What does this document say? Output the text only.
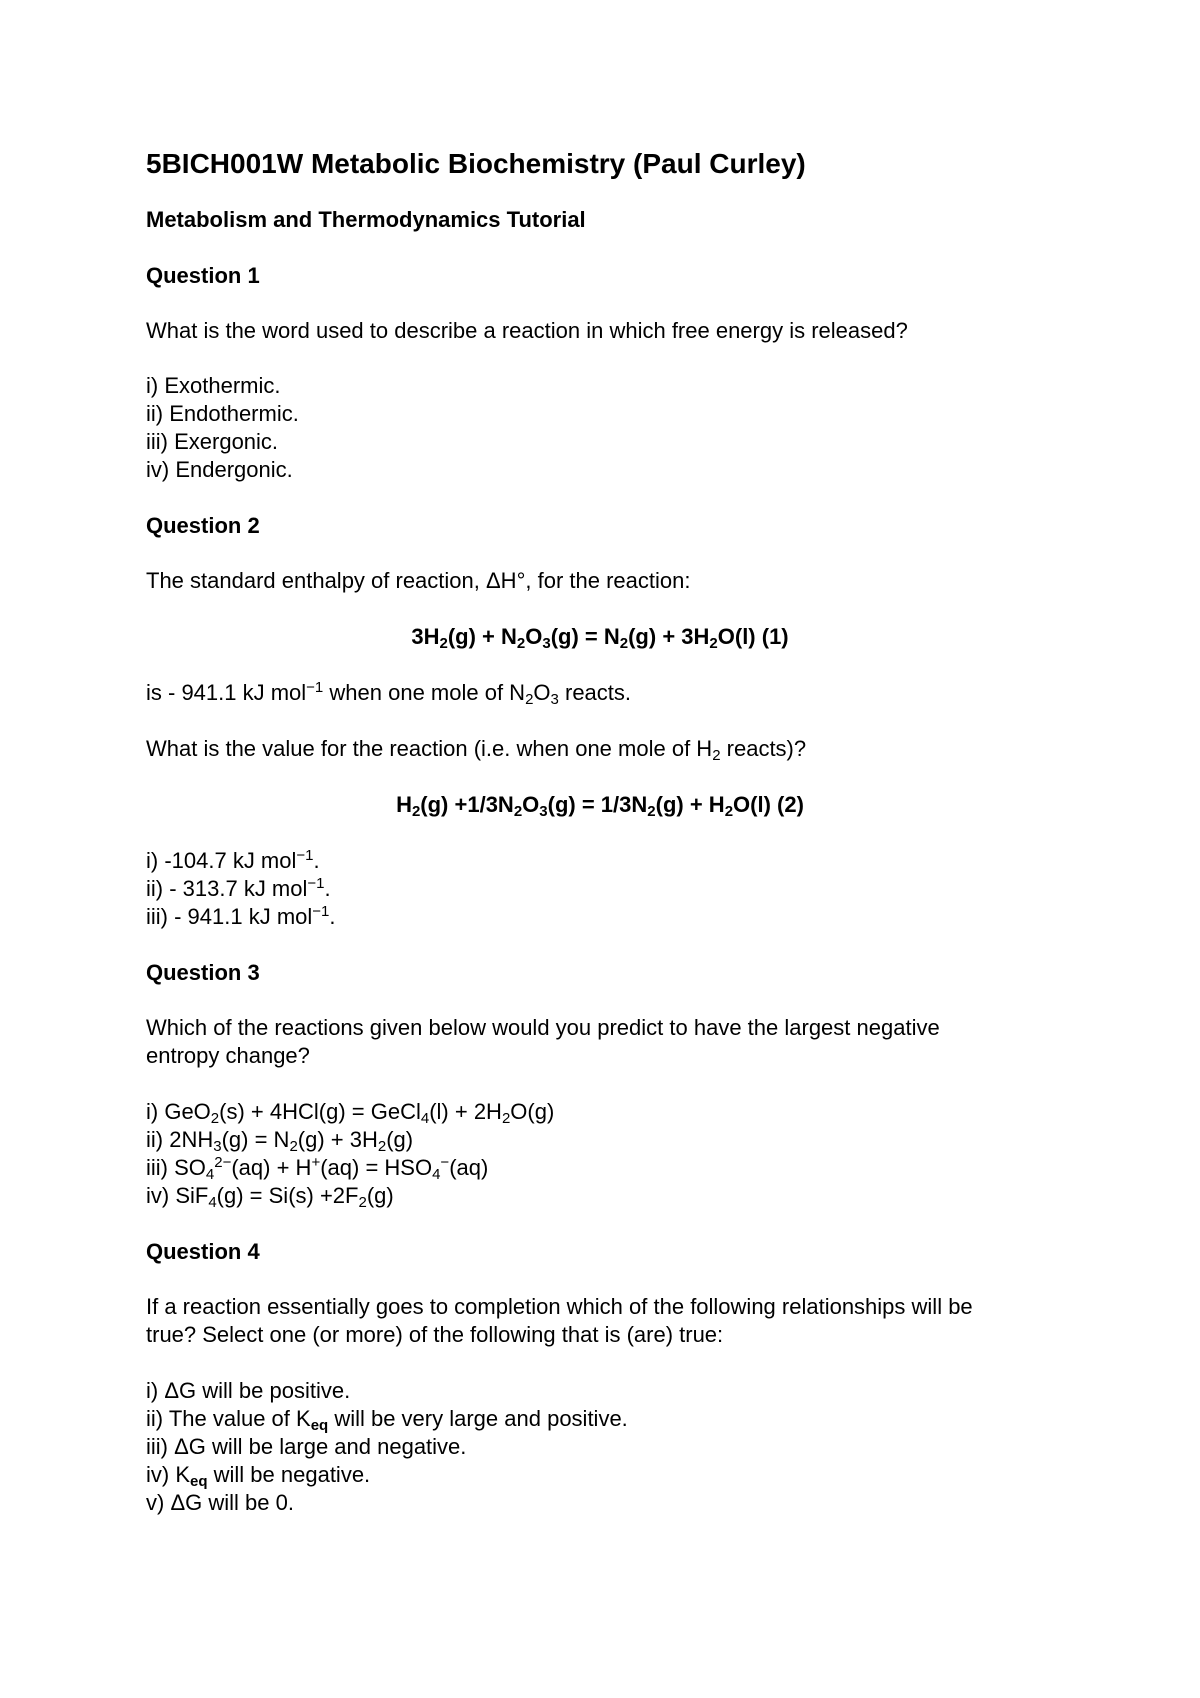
5BICH001W Metabolic Biochemistry (Paul Curley)
Metabolism and Thermodynamics Tutorial
Question 1
What is the word used to describe a reaction in which free energy is released?
i) Exothermic.
ii) Endothermic.
iii) Exergonic.
iv) Endergonic.
Question 2
The standard enthalpy of reaction, ΔH°, for the reaction:
$3H_2(g) + N_2O_3(g) = N_2(g) + 3H_2O(l)$ (1)
is - 941.1 kJ mol$^{-1}$ when one mole of $N_2O_3$ reacts.
What is the value for the reaction (i.e. when one mole of $H_2$ reacts)?
$H_2(g) +1/3N_2O_3(g) = 1/3N_2(g) + H_2O(l)$ (2)
i) -104.7 kJ mol$^{-1}$.
ii) - 313.7 kJ mol$^{-1}$.
iii) - 941.1 kJ mol$^{-1}$.
Question 3
Which of the reactions given below would you predict to have the largest negative
entropy change?
i) GeO$_2$(s) + 4HCl(g) = GeCl$_4$(l) + $2H_2O(g)$
ii) $2NH_3(g) = N_2(g) + 3H_2(g)$
iii) $SO_4^{2-}(aq) + H^+(aq) = HSO_4^-(aq)$
iv) $SiF_4(g) = Si(s) +2F_2(g)$
Question 4
If a reaction essentially goes to completion which of the following relationships will be
true? Select one (or more) of the following that is (are) true:
i) ΔG will be positive.
ii) The value of $K_{eq}$ will be very large and positive.
iii) ΔG will be large and negative.
iv) $K_{eq}$ will be negative.
v) ΔG will be 0.
